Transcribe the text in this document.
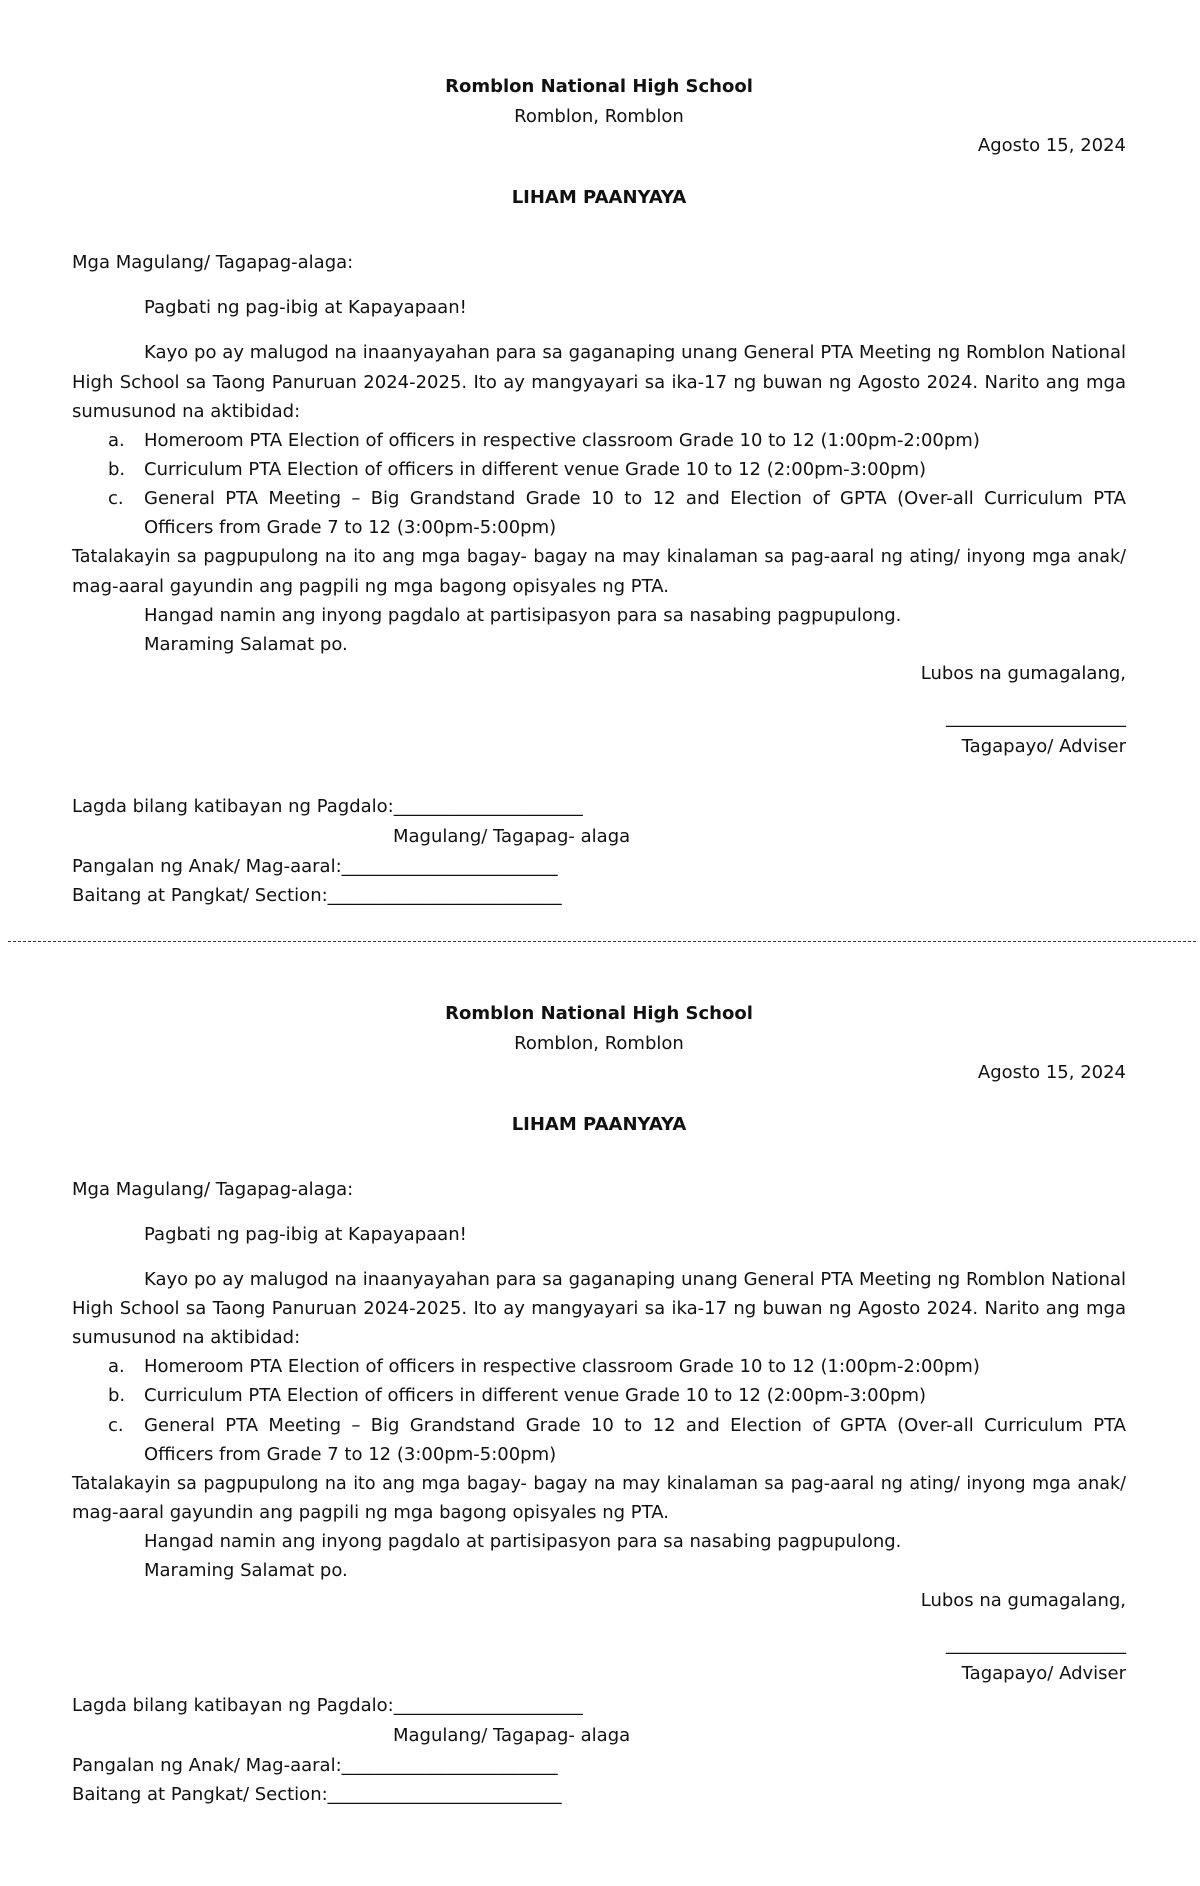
Romblon National High School
Romblon, Romblon
Agosto 15, 2024
LIHAM PAANYAYA
Mga Magulang/ Tagapag-alaga:
Pagbati ng pag-ibig at Kapayapaan!
Kayo po ay malugod na inaanyayahan para sa gaganaping unang General PTA Meeting ng Romblon National
High School sa Taong Panuruan 2024-2025. Ito ay mangyayari sa ika-17 ng buwan ng Agosto 2024. Narito ang mga
sumusunod na aktibidad:
a. Homeroom PTA Election of officers in respective classroom Grade 10 to 12 (1:00pm-2:00pm)
b. Curriculum PTA Election of officers in different venue Grade 10 to 12 (2:00pm-3:00pm)
c. General PTA Meeting – Big Grandstand Grade 10 to 12 and Election of GPTA (Over-all Curriculum PTA
Officers from Grade 7 to 12 (3:00pm-5:00pm)
Tatalakayin sa pagpupulong na ito ang mga bagay- bagay na may kinalaman sa pag-aaral ng ating/ inyong mga anak/
mag-aaral gayundin ang pagpili ng mga bagong opisyales ng PTA.
Hangad namin ang inyong pagdalo at partisipasyon para sa nasabing pagpupulong.
Maraming Salamat po.
Lubos na gumagalang,
____________________
Tagapayo/ Adviser
Lagda bilang katibayan ng Pagdalo:_____________________
Magulang/ Tagapag- alaga
Pangalan ng Anak/ Mag-aaral:________________________
Baitang at Pangkat/ Section:__________________________
Romblon National High School
Romblon, Romblon
Agosto 15, 2024
LIHAM PAANYAYA
Mga Magulang/ Tagapag-alaga:
Pagbati ng pag-ibig at Kapayapaan!
Kayo po ay malugod na inaanyayahan para sa gaganaping unang General PTA Meeting ng Romblon National
High School sa Taong Panuruan 2024-2025. Ito ay mangyayari sa ika-17 ng buwan ng Agosto 2024. Narito ang mga
sumusunod na aktibidad:
a. Homeroom PTA Election of officers in respective classroom Grade 10 to 12 (1:00pm-2:00pm)
b. Curriculum PTA Election of officers in different venue Grade 10 to 12 (2:00pm-3:00pm)
c. General PTA Meeting – Big Grandstand Grade 10 to 12 and Election of GPTA (Over-all Curriculum PTA
Officers from Grade 7 to 12 (3:00pm-5:00pm)
Tatalakayin sa pagpupulong na ito ang mga bagay- bagay na may kinalaman sa pag-aaral ng ating/ inyong mga anak/
mag-aaral gayundin ang pagpili ng mga bagong opisyales ng PTA.
Hangad namin ang inyong pagdalo at partisipasyon para sa nasabing pagpupulong.
Maraming Salamat po.
Lubos na gumagalang,
____________________
Tagapayo/ Adviser
Lagda bilang katibayan ng Pagdalo:_____________________
Magulang/ Tagapag- alaga
Pangalan ng Anak/ Mag-aaral:________________________
Baitang at Pangkat/ Section:__________________________
